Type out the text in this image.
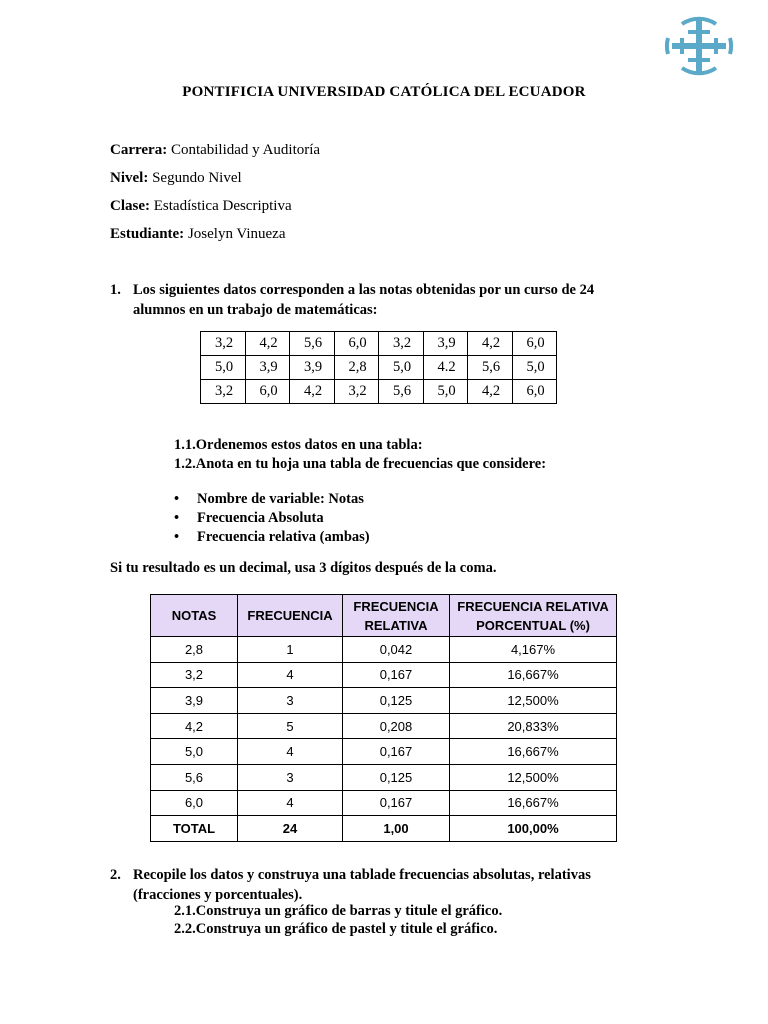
PONTIFICIA UNIVERSIDAD CATÓLICA DEL ECUADOR
Carrera: Contabilidad y Auditoría
Nivel: Segundo Nivel
Clase: Estadística Descriptiva
Estudiante: Joselyn Vinueza
1. Los siguientes datos corresponden a las notas obtenidas por un curso de 24
alumnos en un trabajo de matemáticas:
3,2	4,2	5,6	6,0	3,2	3,9	4,2	6,0
5,0	3,9	3,9	2,8	5,0	4.2	5,6	5,0
3,2	6,0	4,2	3,2	5,6	5,0	4,2	6,0
1.1.Ordenemos estos datos en una tabla:
1.2.Anota en tu hoja una tabla de frecuencias que considere:
• Nombre de variable: Notas
• Frecuencia Absoluta
• Frecuencia relativa (ambas)
Si tu resultado es un decimal, usa 3 dígitos después de la coma.
NOTAS	FRECUENCIA	FRECUENCIA RELATIVA	FRECUENCIA RELATIVA PORCENTUAL (%)
2,8	1	0,042	4,167%
3,2	4	0,167	16,667%
3,9	3	0,125	12,500%
4,2	5	0,208	20,833%
5,0	4	0,167	16,667%
5,6	3	0,125	12,500%
6,0	4	0,167	16,667%
TOTAL	24	1,00	100,00%
2. Recopile los datos y construya una tablade frecuencias absolutas, relativas
(fracciones y porcentuales).
2.1.Construya un gráfico de barras y titule el gráfico.
2.2.Construya un gráfico de pastel y titule el gráfico.
